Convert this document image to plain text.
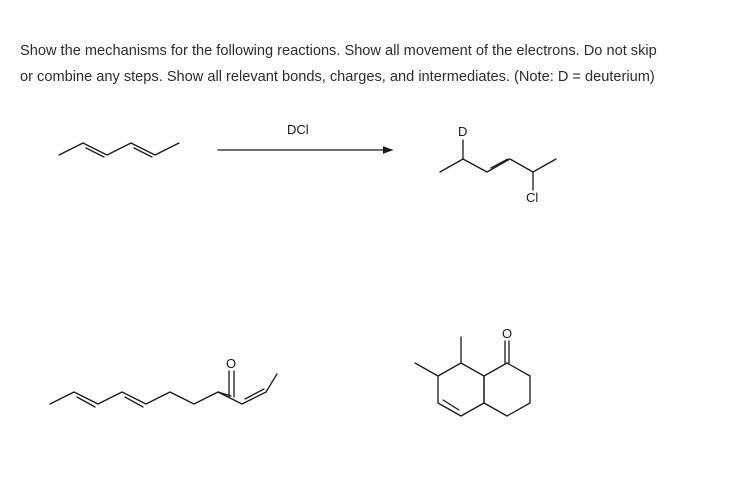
Show the mechanisms for the following reactions. Show all movement of the electrons. Do not skip

or combine any steps. Show all relevant bonds, charges, and intermediates. (Note: D = deuterium)

DCl	D
Cl
O
O
